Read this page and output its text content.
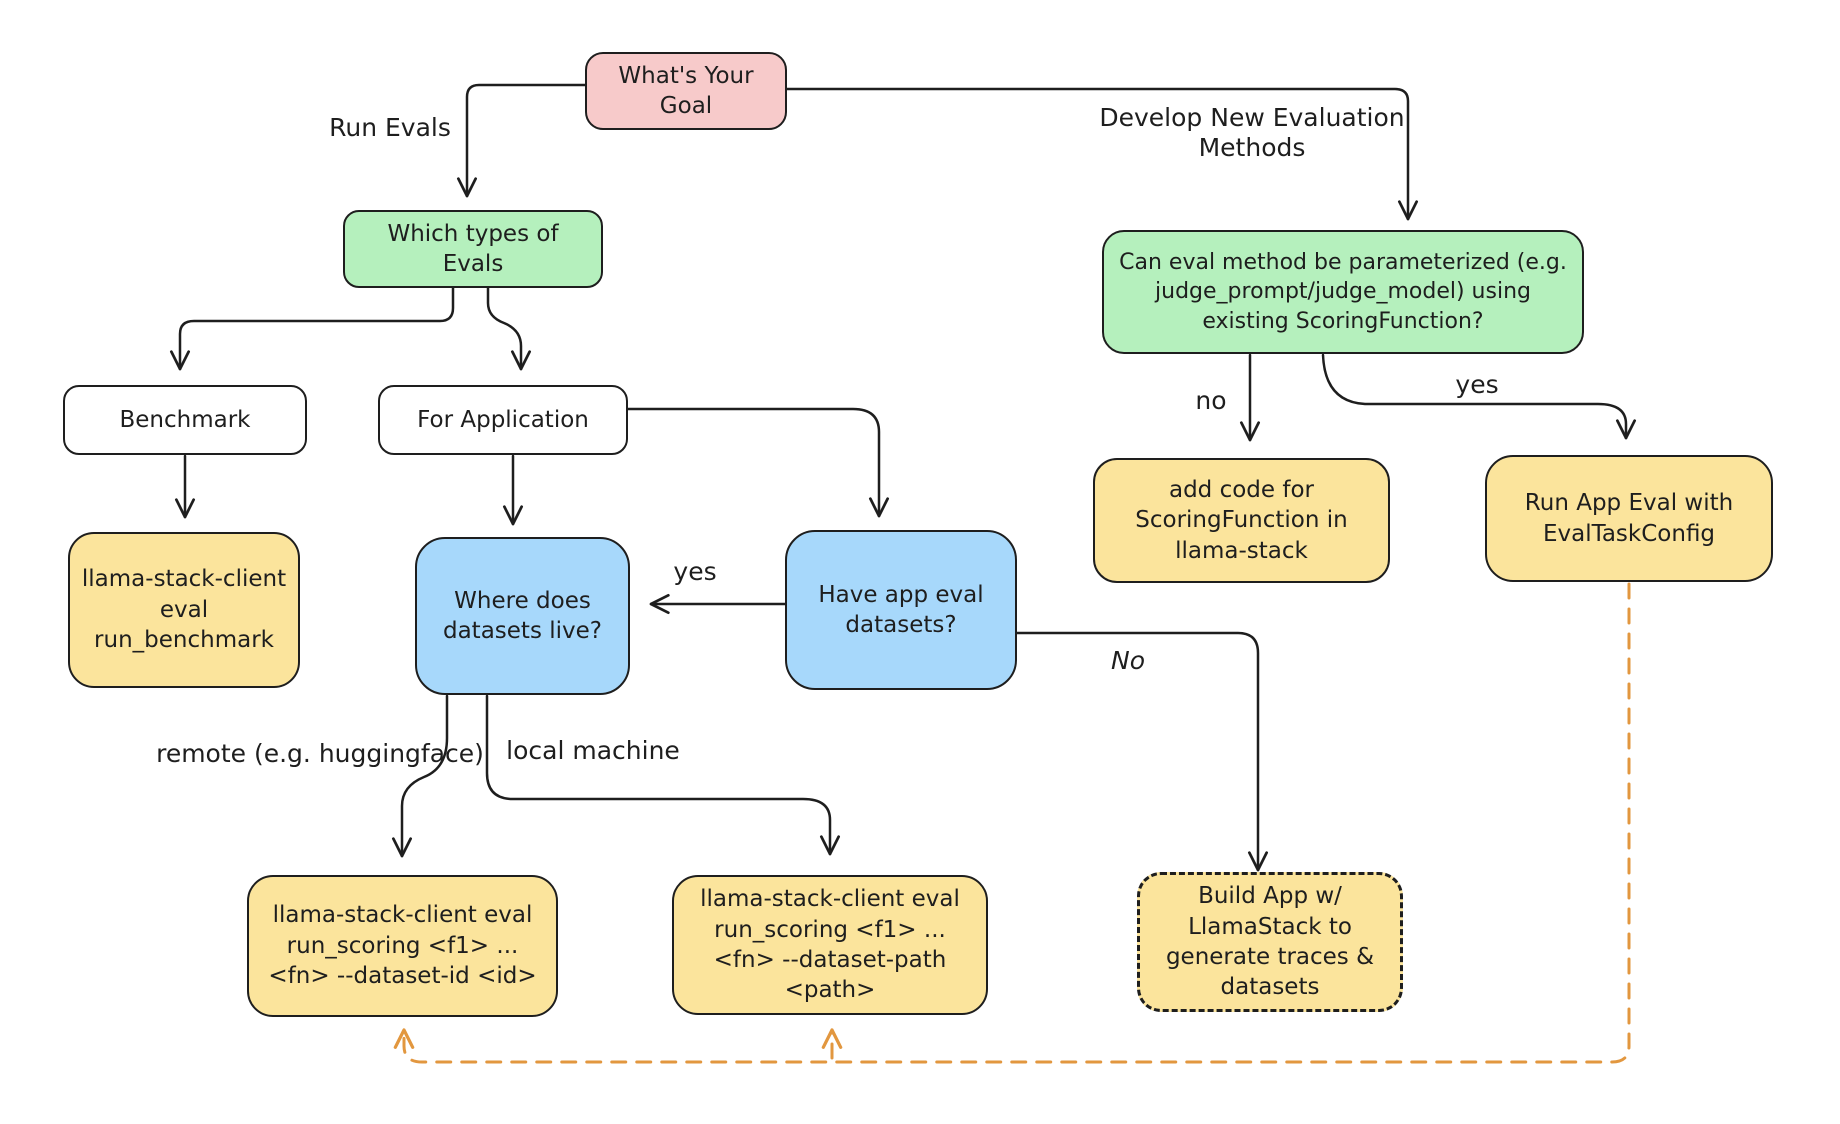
What's Your Goal
Which types of Evals	Can eval method be parameterized (e.g. judge_prompt/judge_model) using existing ScoringFunction?
Benchmark	For Application
llama-stack-client eval run_benchmark
Where does datasets live?
Have app eval datasets?
add code for ScoringFunction in llama-stack
Run App Eval with EvalTaskConfig
llama-stack-client eval run_scoring <f1> ... <fn> --dataset-id <id>
llama-stack-client eval run_scoring <f1> ... <fn> --dataset-path <path>
Build App w/ LlamaStack to generate traces & datasets
Run Evals	Develop New Evaluation Methods
no
yes
yes
No
remote (e.g. huggingface) local machine
